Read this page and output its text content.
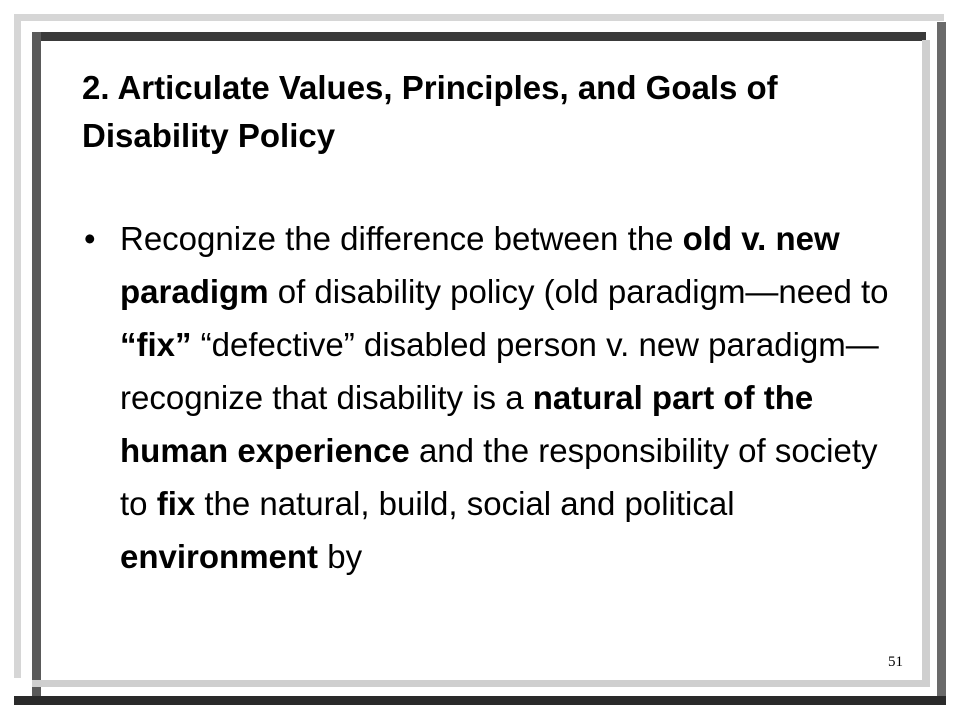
2. Articulate Values, Principles, and Goals of Disability Policy
• Recognize the difference between the old v. new paradigm of disability policy (old paradigm—need to “fix” “defective” disabled person v. new paradigm—recognize that disability is a natural part of the human experience and the responsibility of society to fix the natural, build, social and political environment by
51
